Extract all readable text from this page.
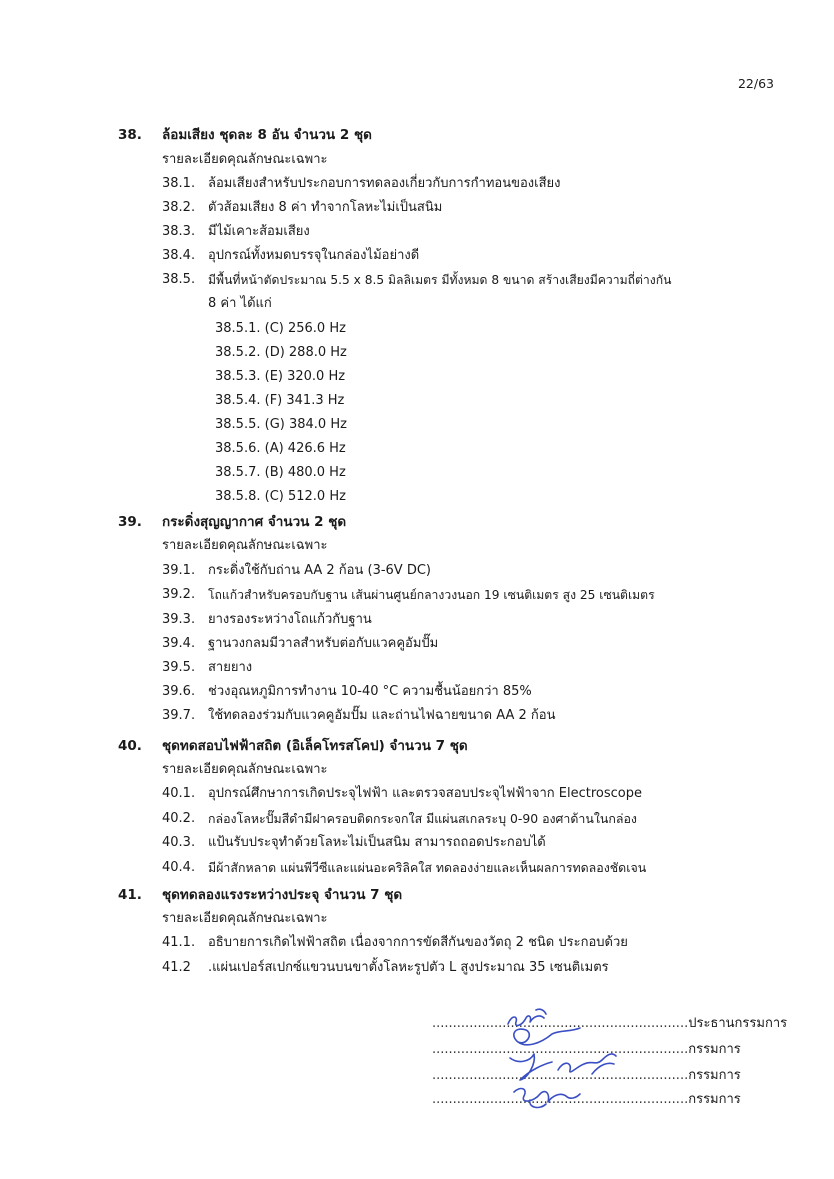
22/63
38. ล้อมเสียง ชุดละ 8 อัน จำนวน 2 ชุด
รายละเอียดคุณลักษณะเฉพาะ
38.1. ล้อมเสียงสำหรับประกอบการทดลองเกี่ยวกับการกำทอนของเสียง
38.2. ตัวส้อมเสียง 8 ค่า ทำจากโลหะไม่เป็นสนิม
38.3. มีไม้เคาะส้อมเสียง
38.4. อุปกรณ์ทั้งหมดบรรจุในกล่องไม้อย่างดี
38.5. มีพื้นที่หน้าตัดประมาณ 5.5 x 8.5 มิลลิเมตร มีทั้งหมด 8 ขนาด สร้างเสียงมีความถี่ต่างกัน
8 ค่า ได้แก่
38.5.1. (C) 256.0 Hz
38.5.2. (D) 288.0 Hz
38.5.3. (E) 320.0 Hz
38.5.4. (F) 341.3 Hz
38.5.5. (G) 384.0 Hz
38.5.6. (A) 426.6 Hz
38.5.7. (B) 480.0 Hz
38.5.8. (C) 512.0 Hz
39. กระดิ่งสุญญากาศ จำนวน 2 ชุด
รายละเอียดคุณลักษณะเฉพาะ
39.1. กระดิ่งใช้กับถ่าน AA 2 ก้อน (3-6V DC)
39.2. โถแก้วสำหรับครอบกับฐาน เส้นผ่านศูนย์กลางวงนอก 19 เซนติเมตร สูง 25 เซนติเมตร
39.3. ยางรองระหว่างโถแก้วกับฐาน
39.4. ฐานวงกลมมีวาลสำหรับต่อกับแวคคูอัมปั๊ม
39.5. สายยาง
39.6. ช่วงอุณหภูมิการทำงาน 10-40 °C ความชื้นน้อยกว่า 85%
39.7. ใช้ทดลองร่วมกับแวคคูอัมปั๊ม และถ่านไฟฉายขนาด AA 2 ก้อน
40. ชุดทดสอบไฟฟ้าสถิต (อิเล็คโทรสโคป) จำนวน 7 ชุด
รายละเอียดคุณลักษณะเฉพาะ
40.1. อุปกรณ์ศึกษาการเกิดประจุไฟฟ้า และตรวจสอบประจุไฟฟ้าจาก Electroscope
40.2. กล่องโลหะปั๊มสีดำมีฝาครอบติดกระจกใส มีแผ่นสเกลระบุ 0-90 องศาด้านในกล่อง
40.3. แป้นรับประจุทำด้วยโลหะไม่เป็นสนิม สามารถถอดประกอบได้
40.4. มีผ้าสักหลาด แผ่นพีวีซีและแผ่นอะคริลิคใส ทดลองง่ายและเห็นผลการทดลองชัดเจน
41. ชุดทดลองแรงระหว่างประจุ จำนวน 7 ชุด
รายละเอียดคุณลักษณะเฉพาะ
41.1. อธิบายการเกิดไฟฟ้าสถิต เนื่องจากการขัดสีกันของวัตถุ 2 ชนิด ประกอบด้วย
41.2 .แผ่นเปอร์สเปกซ์แขวนบนขาตั้งโลหะรูปตัว L สูงประมาณ 35 เซนติเมตร
..............................................................ประธานกรรมการ
..............................................................กรรมการ
..............................................................กรรมการ
..............................................................กรรมการ
